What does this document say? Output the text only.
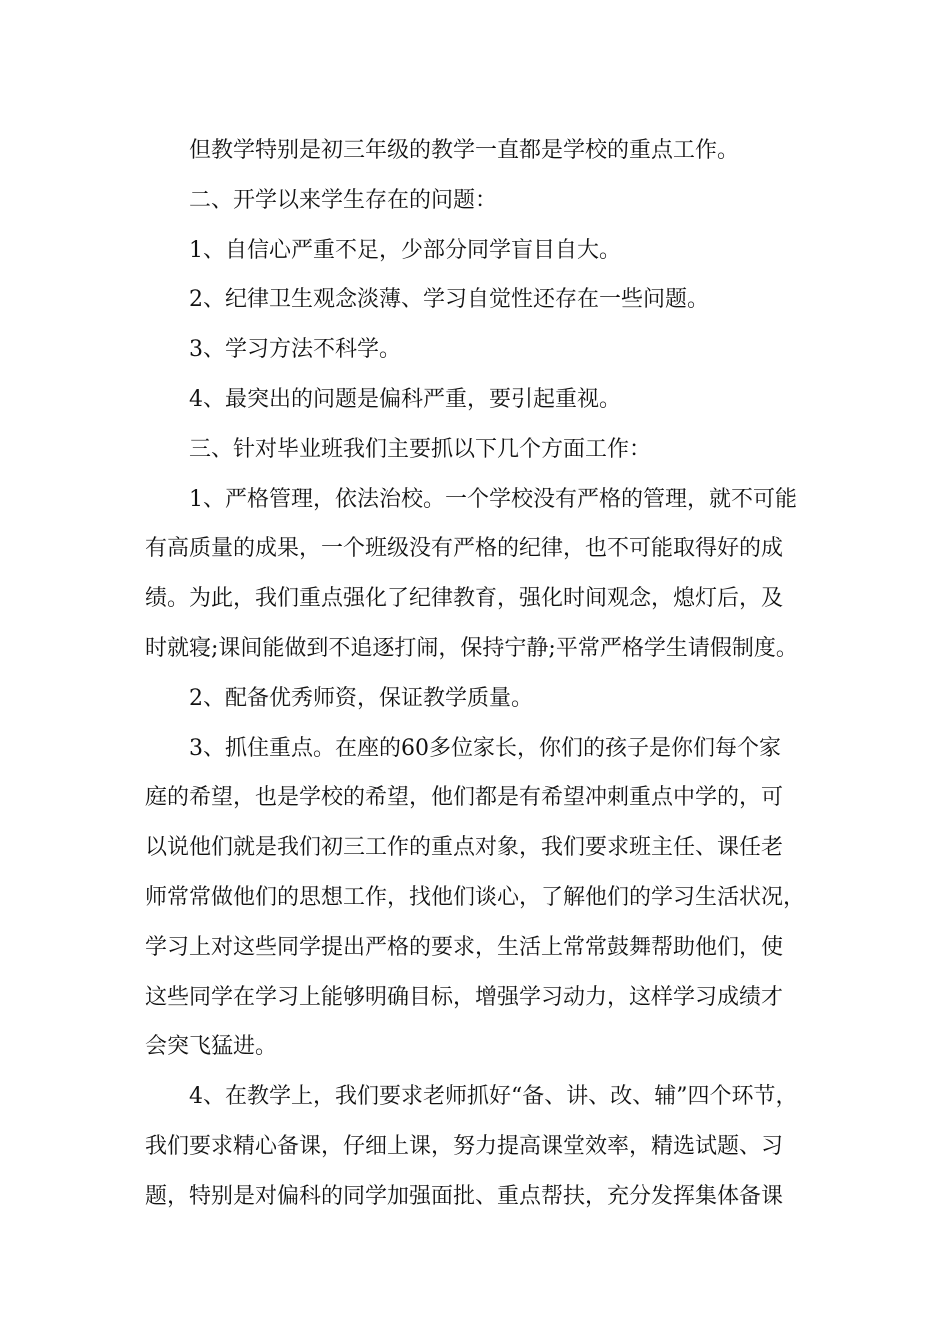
但教学特别是初三年级的教学一直都是学校的重点工作。
二、开学以来学生存在的问题：
1、自信心严重不足，少部分同学盲目自大。
2、纪律卫生观念淡薄、学习自觉性还存在一些问题。
3、学习方法不科学。
4、最突出的问题是偏科严重，要引起重视。
三、针对毕业班我们主要抓以下几个方面工作：
1、严格管理，依法治校。一个学校没有严格的管理，就不可能
有高质量的成果，一个班级没有严格的纪律，也不可能取得好的成
绩。为此，我们重点强化了纪律教育，强化时间观念，熄灯后，及
时就寝;课间能做到不追逐打闹，保持宁静;平常严格学生请假制度。
2、配备优秀师资，保证教学质量。
3、抓住重点。在座的60多位家长，你们的孩子是你们每个家
庭的希望，也是学校的希望，他们都是有希望冲刺重点中学的，可
以说他们就是我们初三工作的重点对象，我们要求班主任、课任老
师常常做他们的思想工作，找他们谈心，了解他们的学习生活状况，
学习上对这些同学提出严格的要求，生活上常常鼓舞帮助他们，使
这些同学在学习上能够明确目标，增强学习动力，这样学习成绩才
会突飞猛进。
4、在教学上，我们要求老师抓好“备、讲、改、辅”四个环节，
我们要求精心备课，仔细上课，努力提高课堂效率，精选试题、习
题，特别是对偏科的同学加强面批、重点帮扶，充分发挥集体备课
